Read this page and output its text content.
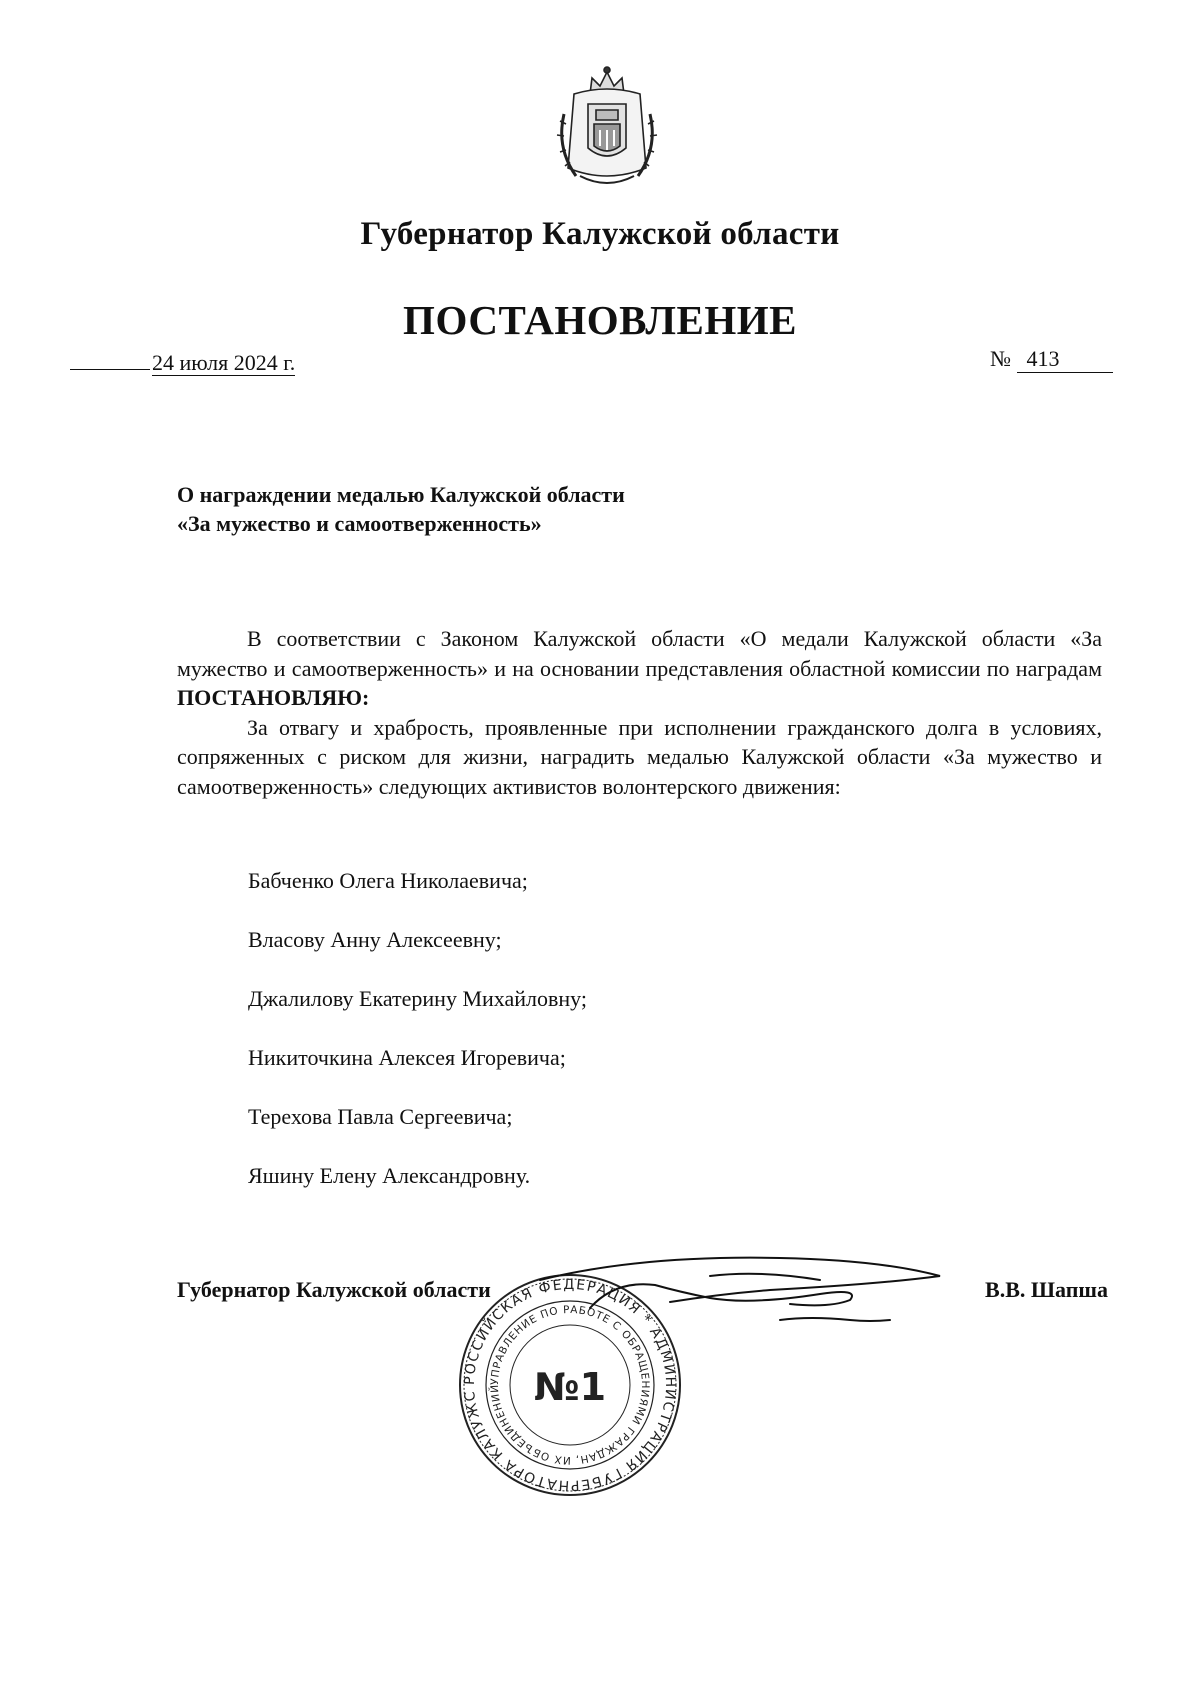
Губернатор Калужской области
ПОСТАНОВЛЕНИЕ
24 июля 2024 г.	№ 413
О награждении медалью Калужской области
«За мужество и самоотверженность»

В соответствии с Законом Калужской области «О медали Калужской области «За мужество и самоотверженность» и на основании представления областной комиссии по наградам ПОСТАНОВЛЯЮ:

За отвагу и храбрость, проявленные при исполнении гражданского долга в условиях, сопряженных с риском для жизни, наградить медалью Калужской области «За мужество и самоотверженность» следующих активистов волонтерского движения:

Бабченко Олега Николаевича;
Власову Анну Алексеевну;
Джалилову Екатерину Михайловну;
Никиточкина Алексея Игоревича;
Терехова Павла Сергеевича;
Яшину Елену Александровну.
Губернатор Калужской области	В.В. Шапша
РОССИЙСКАЯ ФЕДЕРАЦИЯ * АДМИНИСТРАЦИЯ ГУБЕРНАТОРА КАЛУЖС
УПРАВЛЕНИЕ ПО РАБОТЕ С ОБРАЩЕНИЯМИ ГРАЖДАН, ИХ ОБЪЕДИНЕНИЙ №1
